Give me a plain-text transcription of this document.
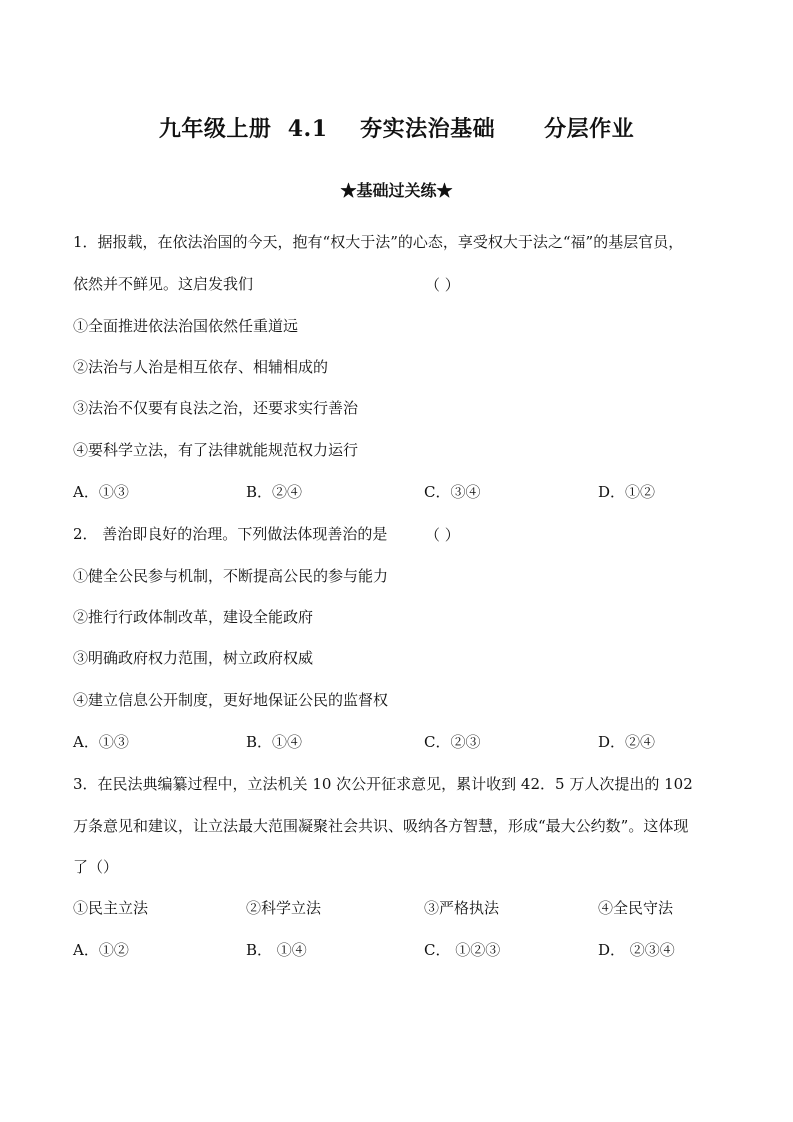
九年级上册  4.1    夯实法治基础      分层作业
★基础过关练★
1．据报载，在依法治国的今天，抱有“权大于法”的心态，享受权大于法之“福”的基层官员，
依然并不鲜见。这启发我们	（ ）
①全面推进依法治国依然任重道远
②法治与人治是相互依存、相辅相成的
③法治不仅要有良法之治，还要求实行善治
④要科学立法，有了法律就能规范权力运行
A．①③	B．②④	C．③④	D．①②
2． 善治即良好的治理。下列做法体现善治的是	（ ）
①健全公民参与机制，不断提高公民的参与能力
②推行行政体制改革，建设全能政府
③明确政府权力范围，树立政府权威
④建立信息公开制度，更好地保证公民的监督权
A．①③	B．①④	C．②③	D．②④
3．在民法典编纂过程中，立法机关 10 次公开征求意见，累计收到 42．5 万人次提出的 102
万条意见和建议，让立法最大范围凝聚社会共识、吸纳各方智慧，形成“最大公约数”。这体现
了（）
①民主立法	②科学立法	③严格执法	④全民守法
A．①②	B． ①④	C． ①②③	D． ②③④
